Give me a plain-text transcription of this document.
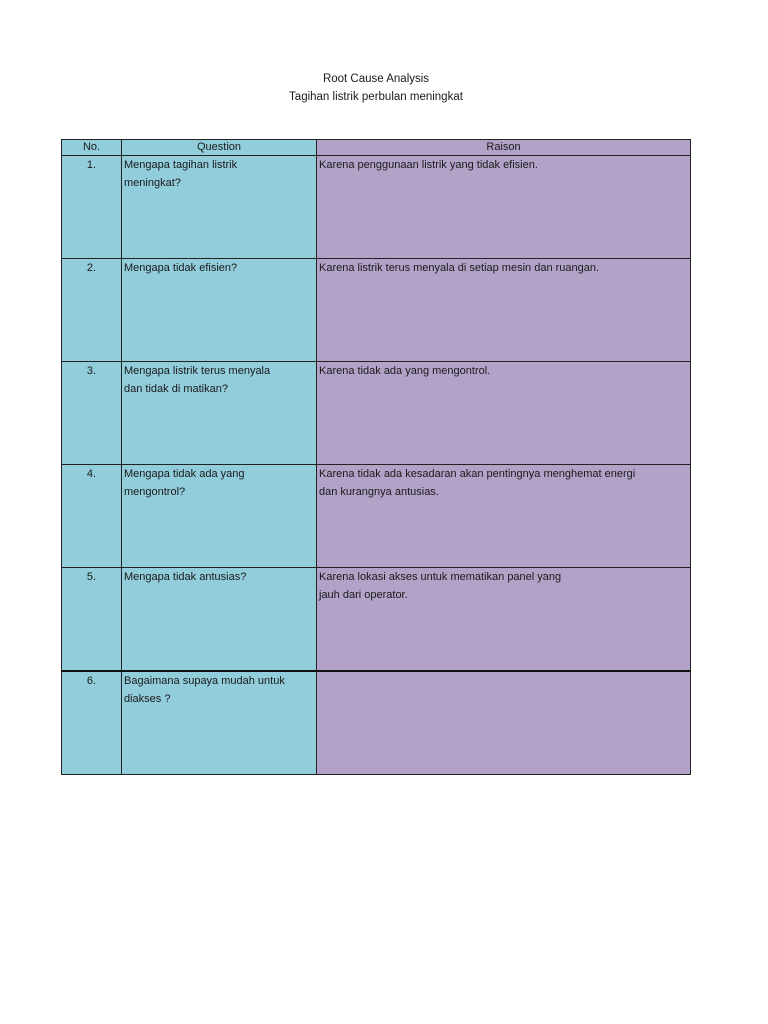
Root Cause Analysis
Tagihan listrik perbulan meningkat
No.	Question	Raison

1.	Mengapa tagihan listrik
meningkat?	Karena penggunaan listrik yang tidak efisien.

2.	Mengapa tidak efisien?	Karena listrik terus menyala di setiap mesin dan ruangan.

3.	Mengapa listrik terus menyala
dan tidak di matikan?	Karena tidak ada yang mengontrol.

4.	Mengapa tidak ada yang
mengontrol?	Karena tidak ada kesadaran akan pentingnya menghemat energi
dan kurangnya antusias.

5.	Mengapa tidak antusias?	Karena lokasi akses untuk mematikan panel yang
jauh dari operator.

6.	Bagaimana supaya mudah untuk
diakses ?	
